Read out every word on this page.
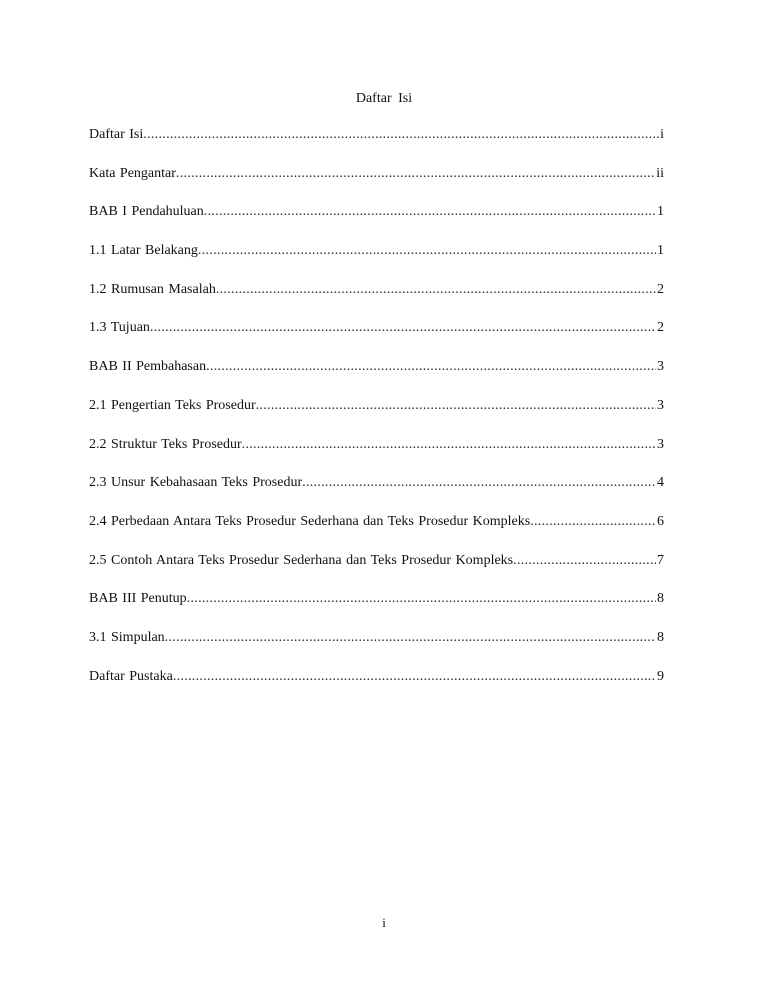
Daftar Isi
Daftar Isi .....	i
Kata Pengantar .....	ii
BAB I Pendahuluan .....	1
1.1 Latar Belakang .....	1
1.2 Rumusan Masalah .....	2
1.3 Tujuan .....	2
BAB II Pembahasan .....	3
2.1 Pengertian Teks Prosedur .....	3
2.2 Struktur Teks Prosedur .....	3
2.3 Unsur Kebahasaan Teks Prosedur .....	4
2.4 Perbedaan Antara Teks Prosedur Sederhana dan Teks Prosedur Kompleks .....	6
2.5 Contoh Antara Teks Prosedur Sederhana dan Teks Prosedur Kompleks .....	7
BAB III Penutup .....	8
3.1 Simpulan .....	8
Daftar Pustaka .....	9
i
